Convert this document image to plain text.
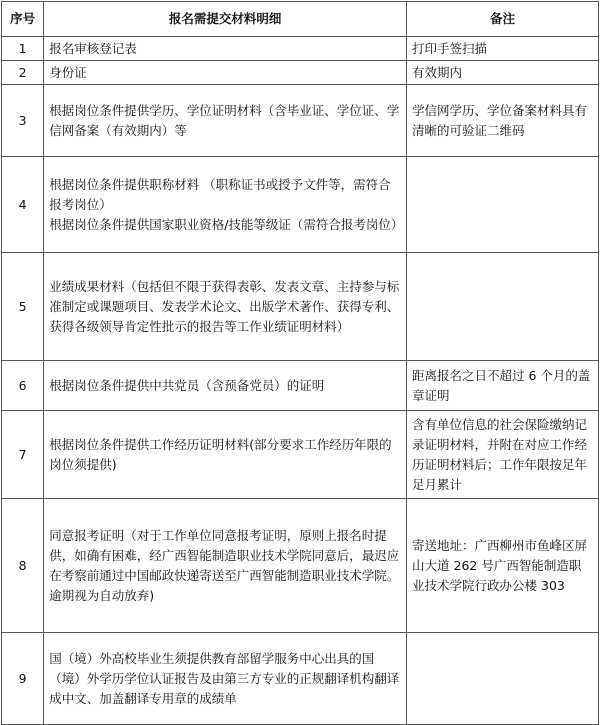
序号	报名需提交材料明细	备注
1	报名审核登记表	打印手签扫描
2	身份证	有效期内
3	根据岗位条件提供学历、学位证明材料（含毕业证、学位证、学信网备案（有效期内）等	学信网学历、学位备案材料具有清晰的可验证二维码
4	根据岗位条件提供职称材料 （职称证书或授予文件等，需符合报考岗位）
根据岗位条件提供国家职业资格/技能等级证（需符合报考岗位）	

5	业绩成果材料（包括但不限于获得表彰、发表文章、主持参与标准制定或课题项目、发表学术论文、出版学术著作、获得专利、获得各级领导肯定性批示的报告等工作业绩证明材料）	
6	根据岗位条件提供中共党员（含预备党员）的证明	距离报名之日不超过 6 个月的盖章证明
7	根据岗位条件提供工作经历证明材料(部分要求工作经历年限的岗位须提供)	含有单位信息的社会保险缴纳记录证明材料，并附在对应工作经历证明材料后；工作年限按足年足月累计
8	同意报考证明（对于工作单位同意报考证明，原则上报名时提供，如确有困难，经广西智能制造职业技术学院同意后，最迟应在考察前通过中国邮政快递寄送至广西智能制造职业技术学院。逾期视为自动放弃)	寄送地址：广西柳州市鱼峰区屏山大道 262 号广西智能制造职业技术学院行政办公楼 303
9	国（境）外高校毕业生须提供教育部留学服务中心出具的国（境）外学历学位认证报告及由第三方专业的正规翻译机构翻译成中文、加盖翻译专用章的成绩单	
